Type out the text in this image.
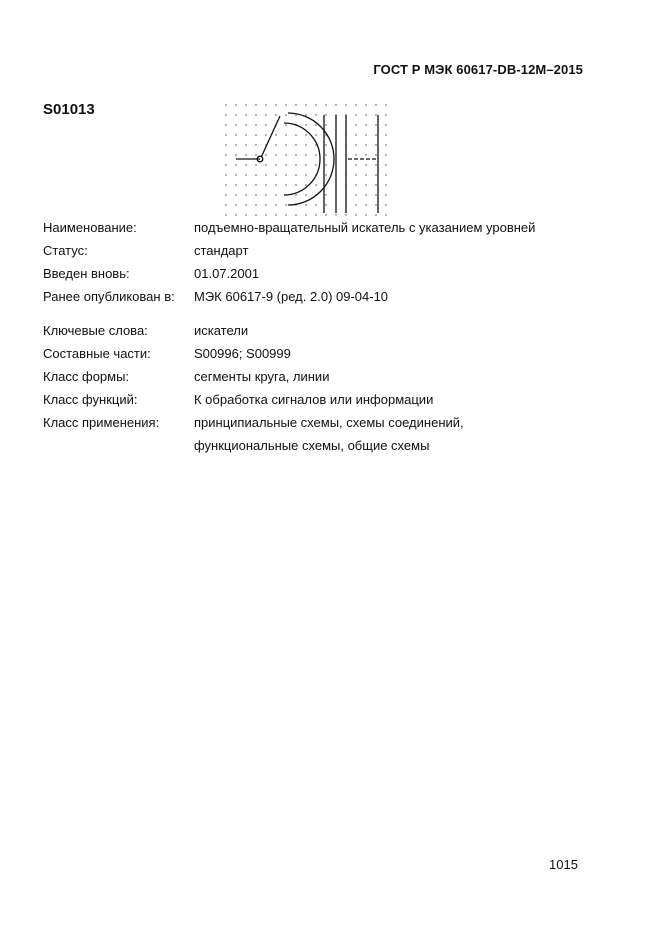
ГОСТ Р МЭК 60617-DB-12M–2015
S01013
Наименование:	подъемно-вращательный искатель с указанием уровней
Статус:	стандарт
Введен вновь:	01.07.2001
Ранее опубликован в: МЭК 60617-9 (ред. 2.0) 09-04-10
Ключевые слова:	искатели
Составные части:	S00996; S00999
Класс формы:	сегменты круга, линии
Класс функций:	К обработка сигналов или информации
Класс применения:	принципиальные схемы, схемы соединений,
функциональные схемы, общие схемы
1015
